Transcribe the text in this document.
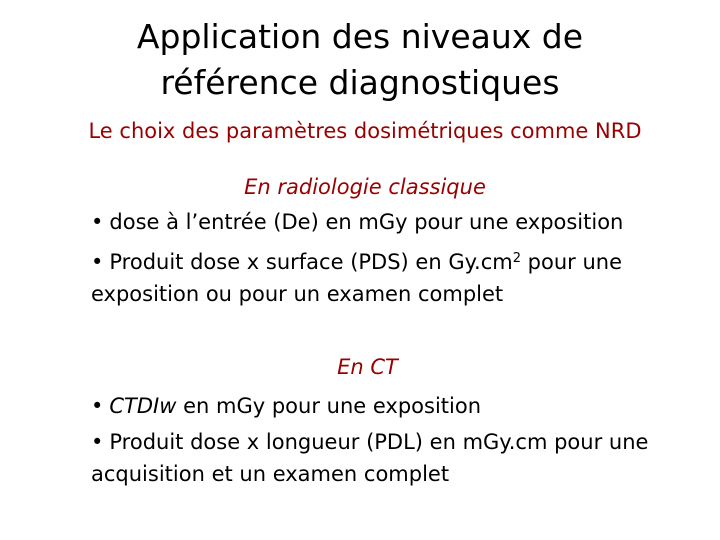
Application des niveaux de
référence diagnostiques
Le choix des paramètres dosimétriques comme NRD
En radiologie classique

• dose à l’entrée (De) en mGy pour une exposition

• Produit dose x surface (PDS) en $Gy.cm^2$ pour une exposition ou pour un examen complet

En CT

• CTDIw en mGy pour une exposition

• Produit dose x longueur (PDL) en mGy.cm pour une acquisition et un examen complet
